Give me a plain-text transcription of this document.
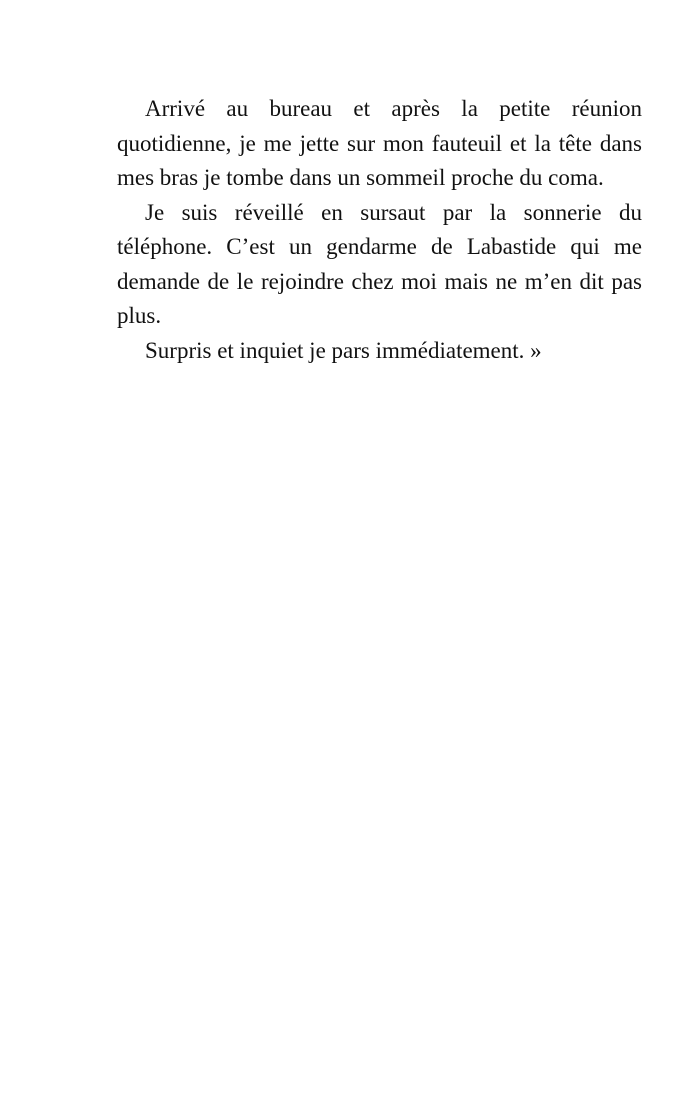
Arrivé au bureau et après la petite réunion quotidienne, je me jette sur mon fauteuil et la tête dans mes bras je tombe dans un sommeil proche du coma.

Je suis réveillé en sursaut par la sonnerie du téléphone. C’est un gendarme de Labastide qui me demande de le rejoindre chez moi mais ne m’en dit pas plus.

Surpris et inquiet je pars immédiatement. »
